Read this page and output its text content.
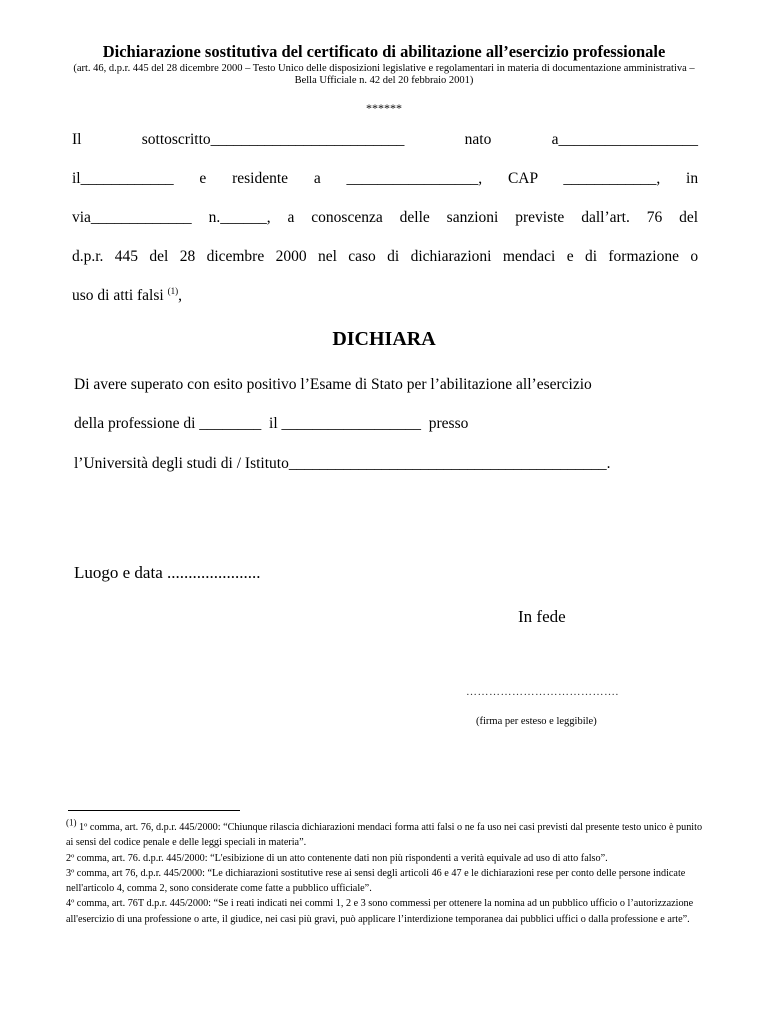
Dichiarazione sostitutiva del certificato di abilitazione all’esercizio professionale
(art. 46, d.p.r. 445 del 28 dicembre 2000 – Testo Unico delle disposizioni legislative e regolamentari in materia di documentazione amministrativa – Bella Ufficiale n. 42 del 20 febbraio 2001)
******
Il	sottoscritto_________________________	nato	a__________________
il____________ e residente a _________________, CAP ____________, in
via_____________ n.______, a conoscenza delle sanzioni previste dall’art. 76 del
d.p.r. 445 del 28 dicembre 2000 nel caso di dichiarazioni mendaci e di formazione o
uso di atti falsi $^{(1)}$,
DICHIARA
Di avere superato con esito positivo l’Esame di Stato per l’abilitazione all’esercizio
della professione di ________  il __________________  presso
l’Università degli studi di / Istituto_________________________________________.
Luogo e data ......................
In fede
………………………………….
(firma per esteso e leggibile)

$^{(1)}$ 1º comma, art. 76, d.p.r. 445/2000: “Chiunque rilascia dichiarazioni mendaci forma atti falsi o ne fa uso nei casi previsti dal presente testo unico è punito ai sensi del codice penale e delle leggi speciali in materia”.

2º comma, art. 76. d.p.r. 445/2000: “L'esibizione di un atto contenente dati non più rispondenti a verità equivale ad uso di atto falso”.

3º comma, art 76, d.p.r. 445/2000: “Le dichiarazioni sostitutive rese ai sensi degli articoli 46 e 47 e le dichiarazioni rese per conto delle persone indicate nell'articolo 4, comma 2, sono considerate come fatte a pubblico ufficiale”.

4º comma, art. 76T d.p.r. 445/2000: “Se i reati indicati nei commi 1, 2 e 3 sono commessi per ottenere la nomina ad un pubblico ufficio o l’autorizzazione all'esercizio di una professione o arte, il giudice, nei casi più gravi, può applicare l’interdizione temporanea dai pubblici uffici o dalla professione e arte”.
